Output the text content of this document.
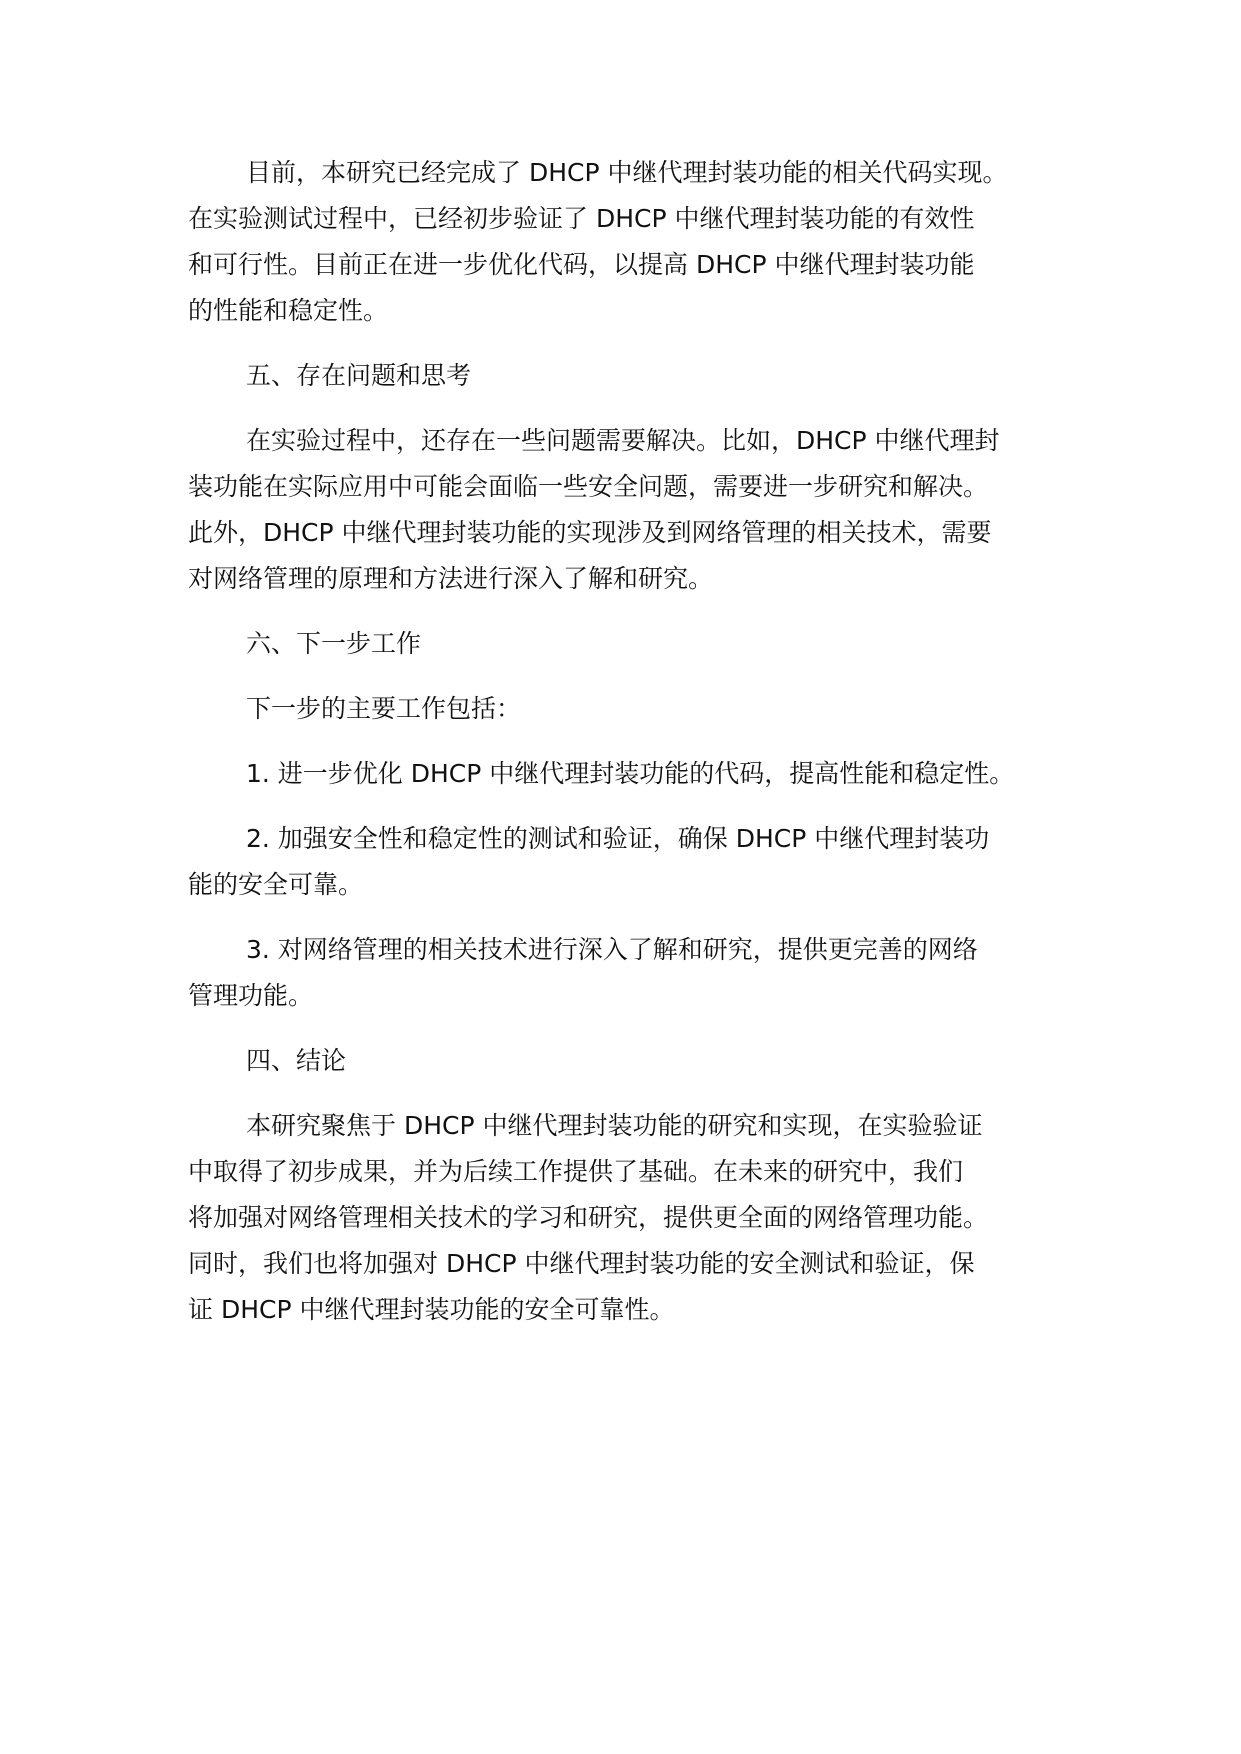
目前，本研究已经完成了 DHCP 中继代理封装功能的相关代码实现。
在实验测试过程中，已经初步验证了 DHCP 中继代理封装功能的有效性
和可行性。目前正在进一步优化代码，以提高 DHCP 中继代理封装功能
的性能和稳定性。

五、存在问题和思考

在实验过程中，还存在一些问题需要解决。比如，DHCP 中继代理封
装功能在实际应用中可能会面临一些安全问题，需要进一步研究和解决。
此外，DHCP 中继代理封装功能的实现涉及到网络管理的相关技术，需要
对网络管理的原理和方法进行深入了解和研究。

六、下一步工作

下一步的主要工作包括：

1. 进一步优化 DHCP 中继代理封装功能的代码，提高性能和稳定性。

2. 加强安全性和稳定性的测试和验证，确保 DHCP 中继代理封装功
能的安全可靠。

3. 对网络管理的相关技术进行深入了解和研究，提供更完善的网络
管理功能。

四、结论

本研究聚焦于 DHCP 中继代理封装功能的研究和实现，在实验验证
中取得了初步成果，并为后续工作提供了基础。在未来的研究中，我们
将加强对网络管理相关技术的学习和研究，提供更全面的网络管理功能。
同时，我们也将加强对 DHCP 中继代理封装功能的安全测试和验证，保
证 DHCP 中继代理封装功能的安全可靠性。
